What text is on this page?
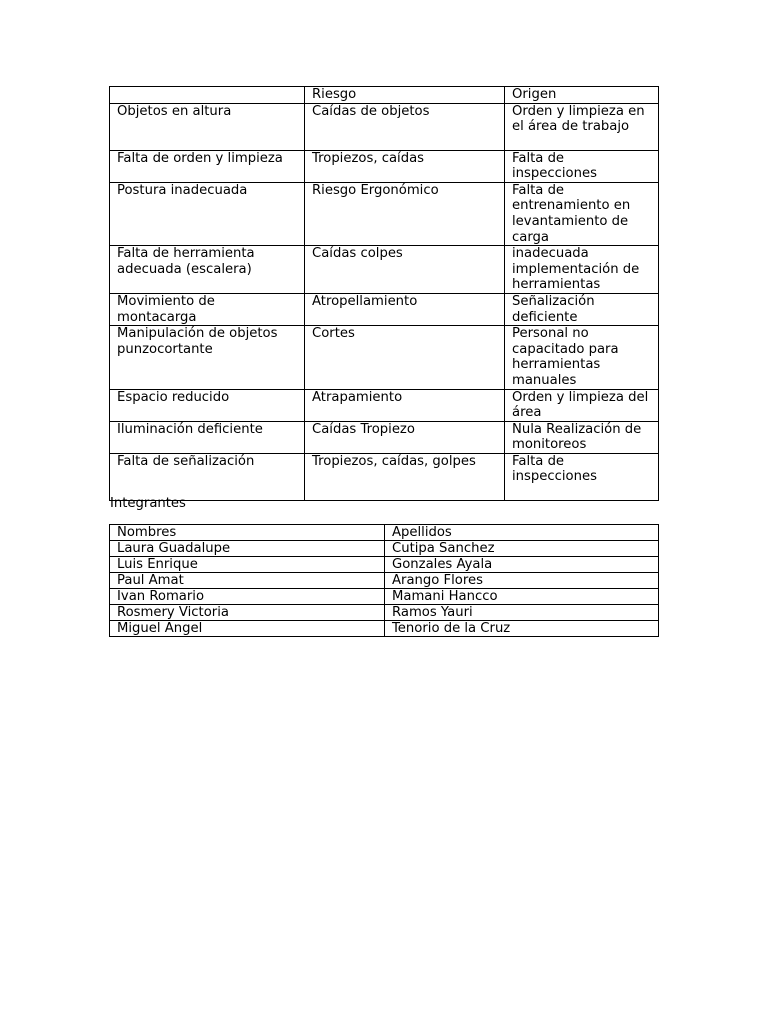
	Riesgo	Origen
Objetos en altura	Caídas de objetos	Orden y limpieza en el área de trabajo
Falta de orden y limpieza	Tropiezos, caídas	Falta de inspecciones
Postura inadecuada	Riesgo Ergonómico	Falta de entrenamiento en levantamiento de carga
Falta de herramienta adecuada (escalera)	Caídas colpes	inadecuada implementación de herramientas
Movimiento de montacarga	Atropellamiento	Señalización deficiente
Manipulación de objetos punzocortante	Cortes	Personal no capacitado para herramientas manuales
Espacio reducido	Atrapamiento	Orden y limpieza del área
Iluminación deficiente	Caídas Tropiezo	Nula Realización de monitoreos
Falta de señalización	Tropiezos, caídas, golpes	Falta de inspecciones
Integrantes
Nombres	Apellidos
Laura Guadalupe	Cutipa Sanchez
Luis Enrique	Gonzales Ayala
Paul Amat	Arango Flores
Ivan Romario	Mamani Hancco
Rosmery Victoria	Ramos Yauri
Miguel Angel	Tenorio de la Cruz
